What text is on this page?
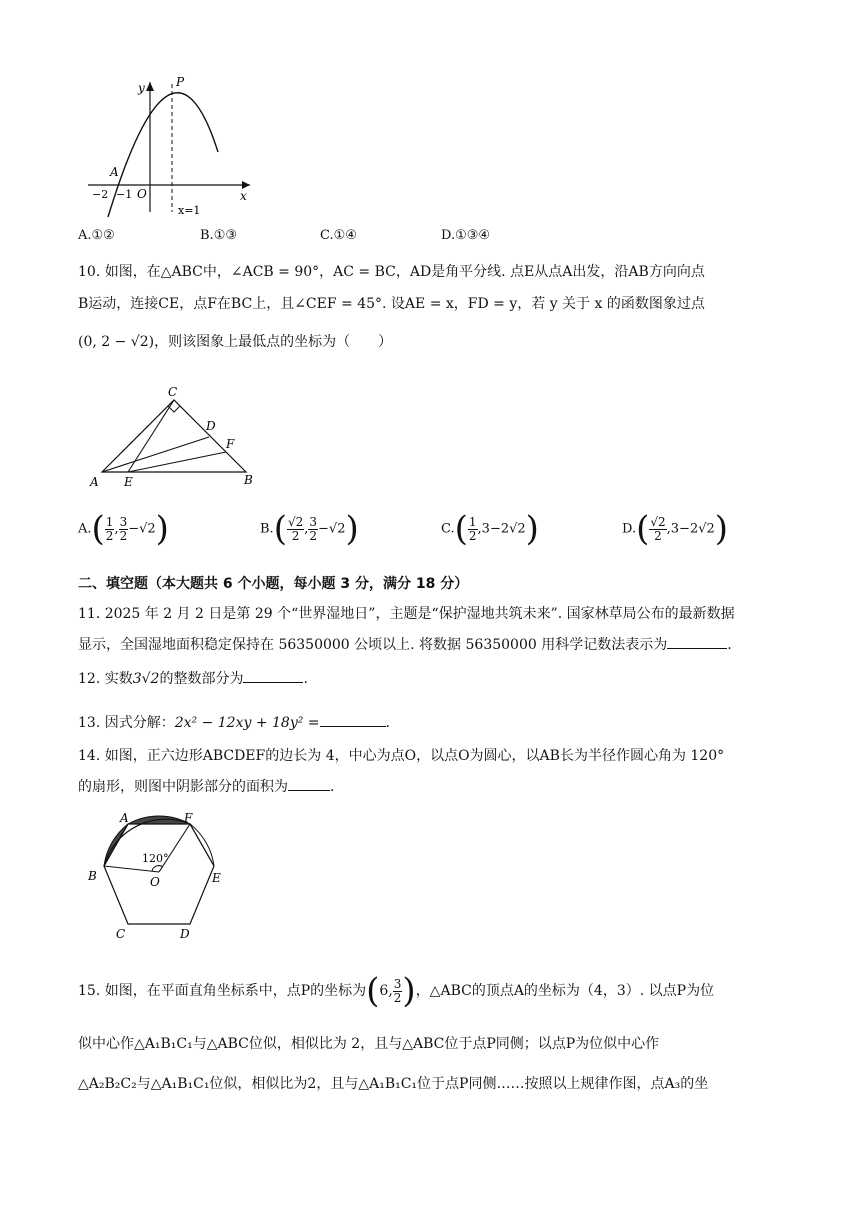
y	P
x
A
O
−2 −1
x=1
A.①②	B.①③	C.①④	D.①③④
10. 如图，在△ABC中，∠ACB = 90°，AC = BC，AD是角平分线. 点E从点A出发，沿AB方向向点
B运动，连接CE，点F在BC上，且∠CEF = 45°. 设AE = x，FD = y，若 y 关于 x 的函数图象过点
(0, 2 − √2)，则该图象上最低点的坐标为（　　）
C
D
F
A E	B
$A.( \frac{1}{2}$ , $\frac{3}{2} -√2$)	$B.( \frac{√2}{2}$ , $\frac{3}{2} -√2$)	$C.( \frac{1}{2} ,3-2√2)$	$D.( \frac{√2}{2} ,3-2√2)$
二、填空题（本大题共 6 个小题，每小题 3 分，满分 18 分）
11. 2025 年 2 月 2 日是第 29 个“世界湿地日”，主题是“保护湿地共筑未来”. 国家林草局公布的最新数据
显示，全国湿地面积稳定保持在 56350000 公顷以上. 将数据 56350000 用科学记数法表示为	.
12. 实数3√2的整数部分为	.
13. 因式分解：2x² − 12xy + 18y² =	.
14. 如图，正六边形ABCDEF的边长为 4，中心为点O，以点O为圆心，以AB长为半径作圆心角为 120°
的扇形，则图中阴影部分的面积为	.
A	F
B	E
C	D
O
120°
15. 如图，在平面直角坐标系中，点P的坐标为(6, $\frac{3}{2}$ )，△ABC的顶点A的坐标为（4，3）. 以点P为位
似中心作△A₁B₁C₁与△ABC位似，相似比为 2，且与△ABC位于点P同侧；以点P为位似中心作
△A₂B₂C₂与△A₁B₁C₁位似，相似比为2，且与△A₁B₁C₁位于点P同侧……按照以上规律作图，点A₃的坐
